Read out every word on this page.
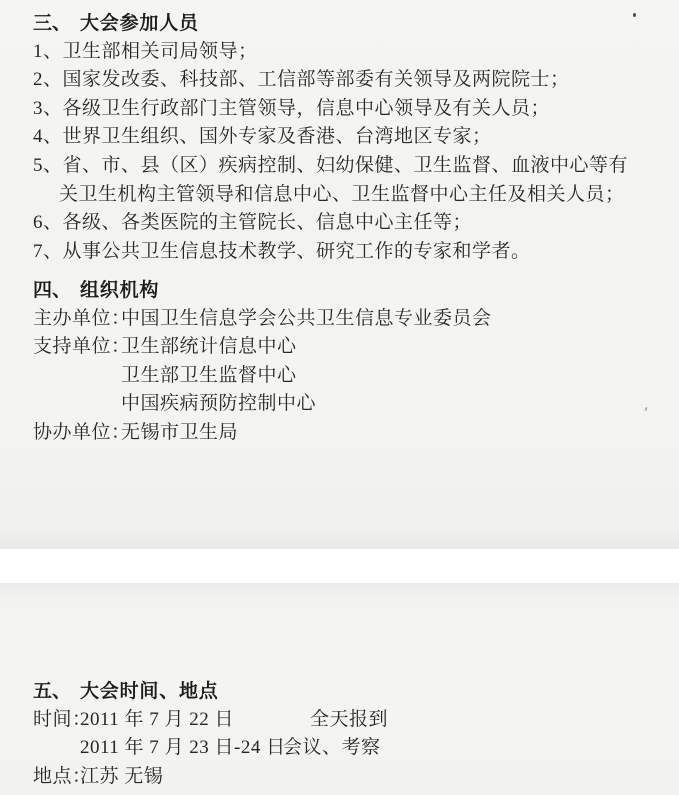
三、 大会参加人员
1、卫生部相关司局领导；
2、国家发改委、科技部、工信部等部委有关领导及两院院士；
3、各级卫生行政部门主管领导，信息中心领导及有关人员；
4、世界卫生组织、国外专家及香港、台湾地区专家；
5、省、市、县（区）疾病控制、妇幼保健、卫生监督、血液中心等有
关卫生机构主管领导和信息中心、卫生监督中心主任及相关人员；
6、各级、各类医院的主管院长、信息中心主任等；
7、从事公共卫生信息技术教学、研究工作的专家和学者。
四、 组织机构
主办单位：中国卫生信息学会公共卫生信息专业委员会
支持单位：卫生部统计信息中心
卫生部卫生监督中心
中国疾病预防控制中心
协办单位：无锡市卫生局
五、 大会时间、地点
时间：2011 年 7 月 22 日	全天报到
2011 年 7 月 23 日-24 日
会议、考察
地点：江苏 无锡
